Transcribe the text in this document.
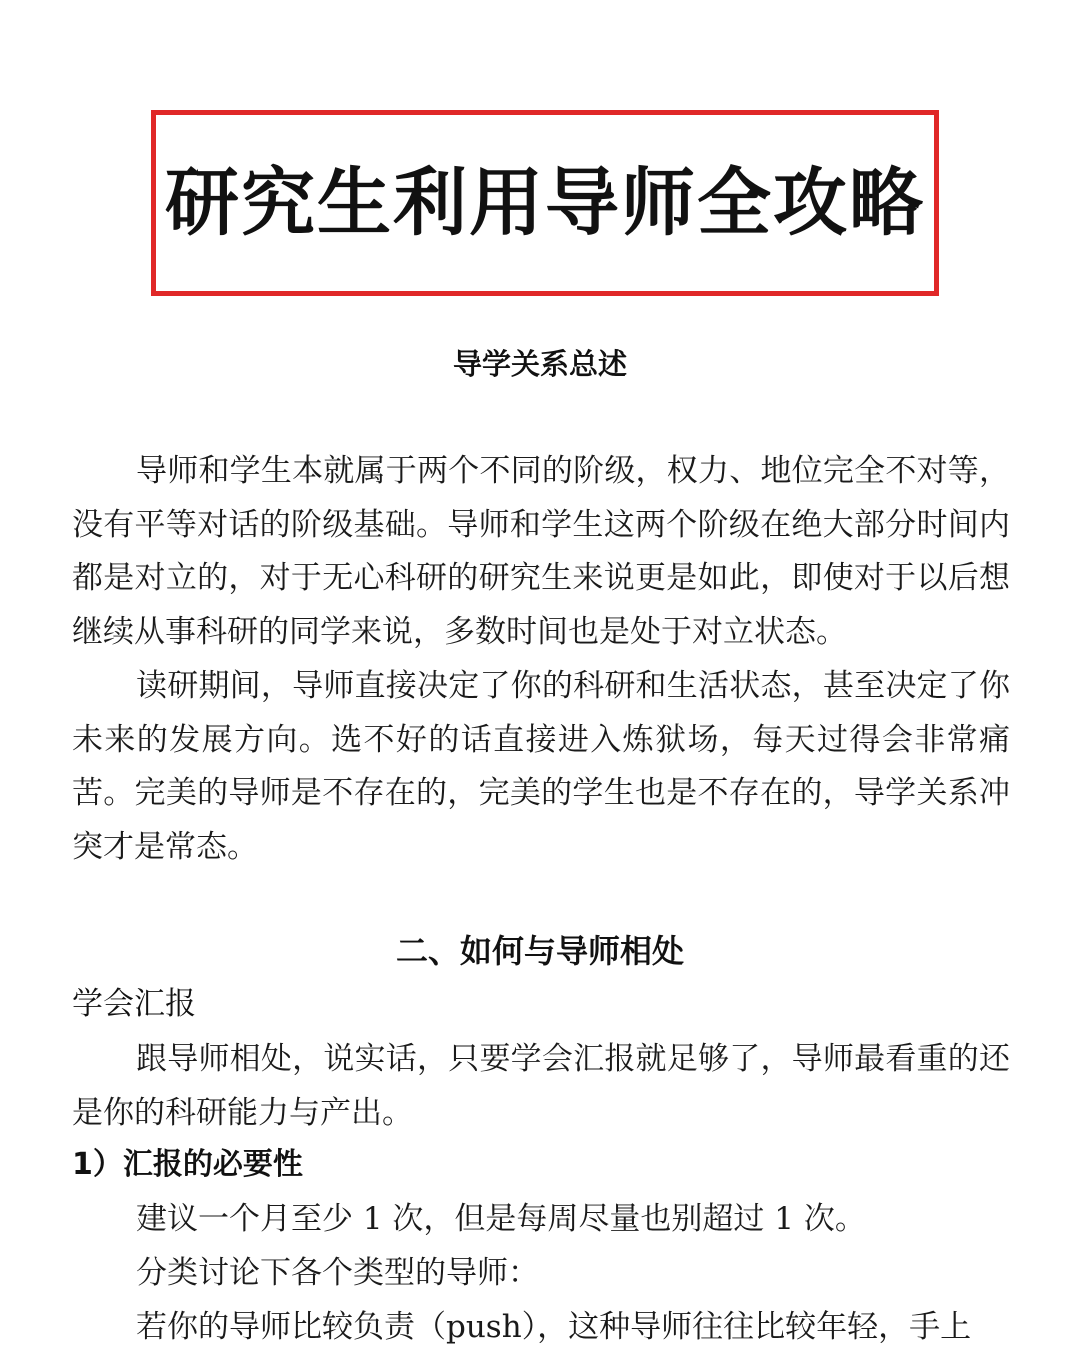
研究生利用导师全攻略
导学关系总述

导师和学生本就属于两个不同的阶级，权力、地位完全不对等，没有平等对话的阶级基础。导师和学生这两个阶级在绝大部分时间内都是对立的，对于无心科研的研究生来说更是如此，即使对于以后想继续从事科研的同学来说，多数时间也是处于对立状态。

读研期间，导师直接决定了你的科研和生活状态，甚至决定了你未来的发展方向。选不好的话直接进入炼狱场，每天过得会非常痛苦。完美的导师是不存在的，完美的学生也是不存在的，导学关系冲突才是常态。

二、如何与导师相处

学会汇报

跟导师相处，说实话，只要学会汇报就足够了，导师最看重的还是你的科研能力与产出。

1）汇报的必要性

建议一个月至少 1 次，但是每周尽量也别超过 1 次。

分类讨论下各个类型的导师：

若你的导师比较负责（push），这种导师往往比较年轻，手上
